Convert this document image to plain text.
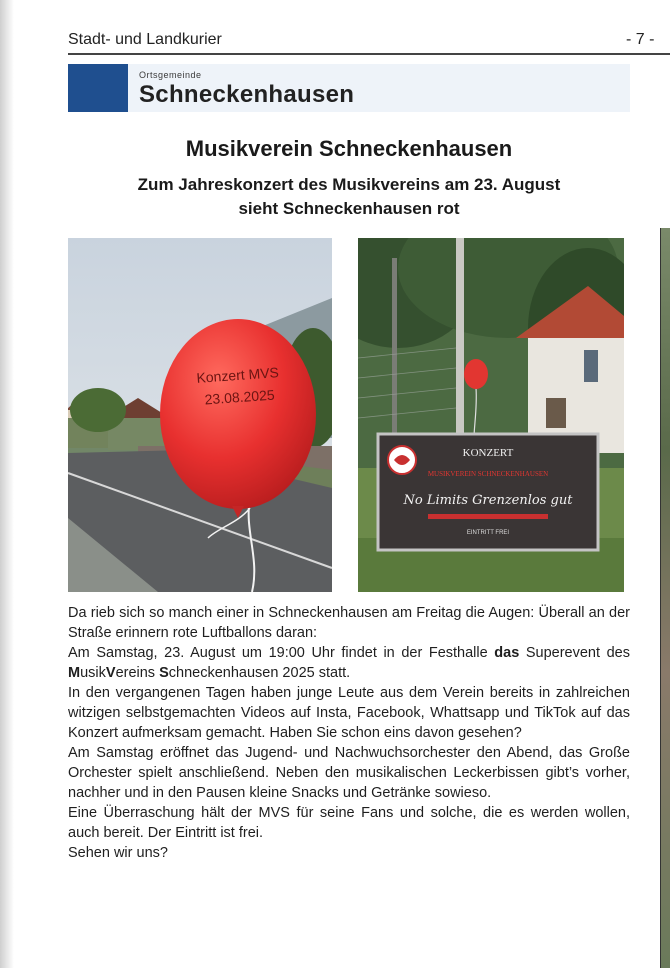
Stadt- und Landkurier	- 7 -
Ortsgemeinde
Schneckenhausen
Musikverein Schneckenhausen
Zum Jahreskonzert des Musikvereins am 23. August
sieht Schneckenhausen rot
Konzert MVS
23.08.2025
KONZERT
MUSIKVEREIN SCHNECKENHAUSEN
No Limits Grenzenlos gut
EINTRITT FREI

Da rieb sich so manch einer in Schneckenhausen am Freitag die Augen: Überall an der Straße erinnern rote Luftballons daran:

Am Samstag, 23. August um 19:00 Uhr findet in der Festhalle das Superevent des MusikVereins Schneckenhausen 2025 statt.

In den vergangenen Tagen haben junge Leute aus dem Verein bereits in zahlreichen witzigen selbstgemachten Videos auf Insta, Facebook, Whattsapp und TikTok auf das Konzert aufmerksam gemacht. Haben Sie schon eins davon gesehen?

Am Samstag eröffnet das Jugend- und Nachwuchsorchester den Abend, das Große Orchester spielt anschließend. Neben den musikalischen Leckerbissen gibt’s vorher, nachher und in den Pausen kleine Snacks und Getränke sowieso.

Eine Überraschung hält der MVS für seine Fans und solche, die es werden wollen, auch bereit. Der Eintritt ist frei.

Sehen wir uns?
